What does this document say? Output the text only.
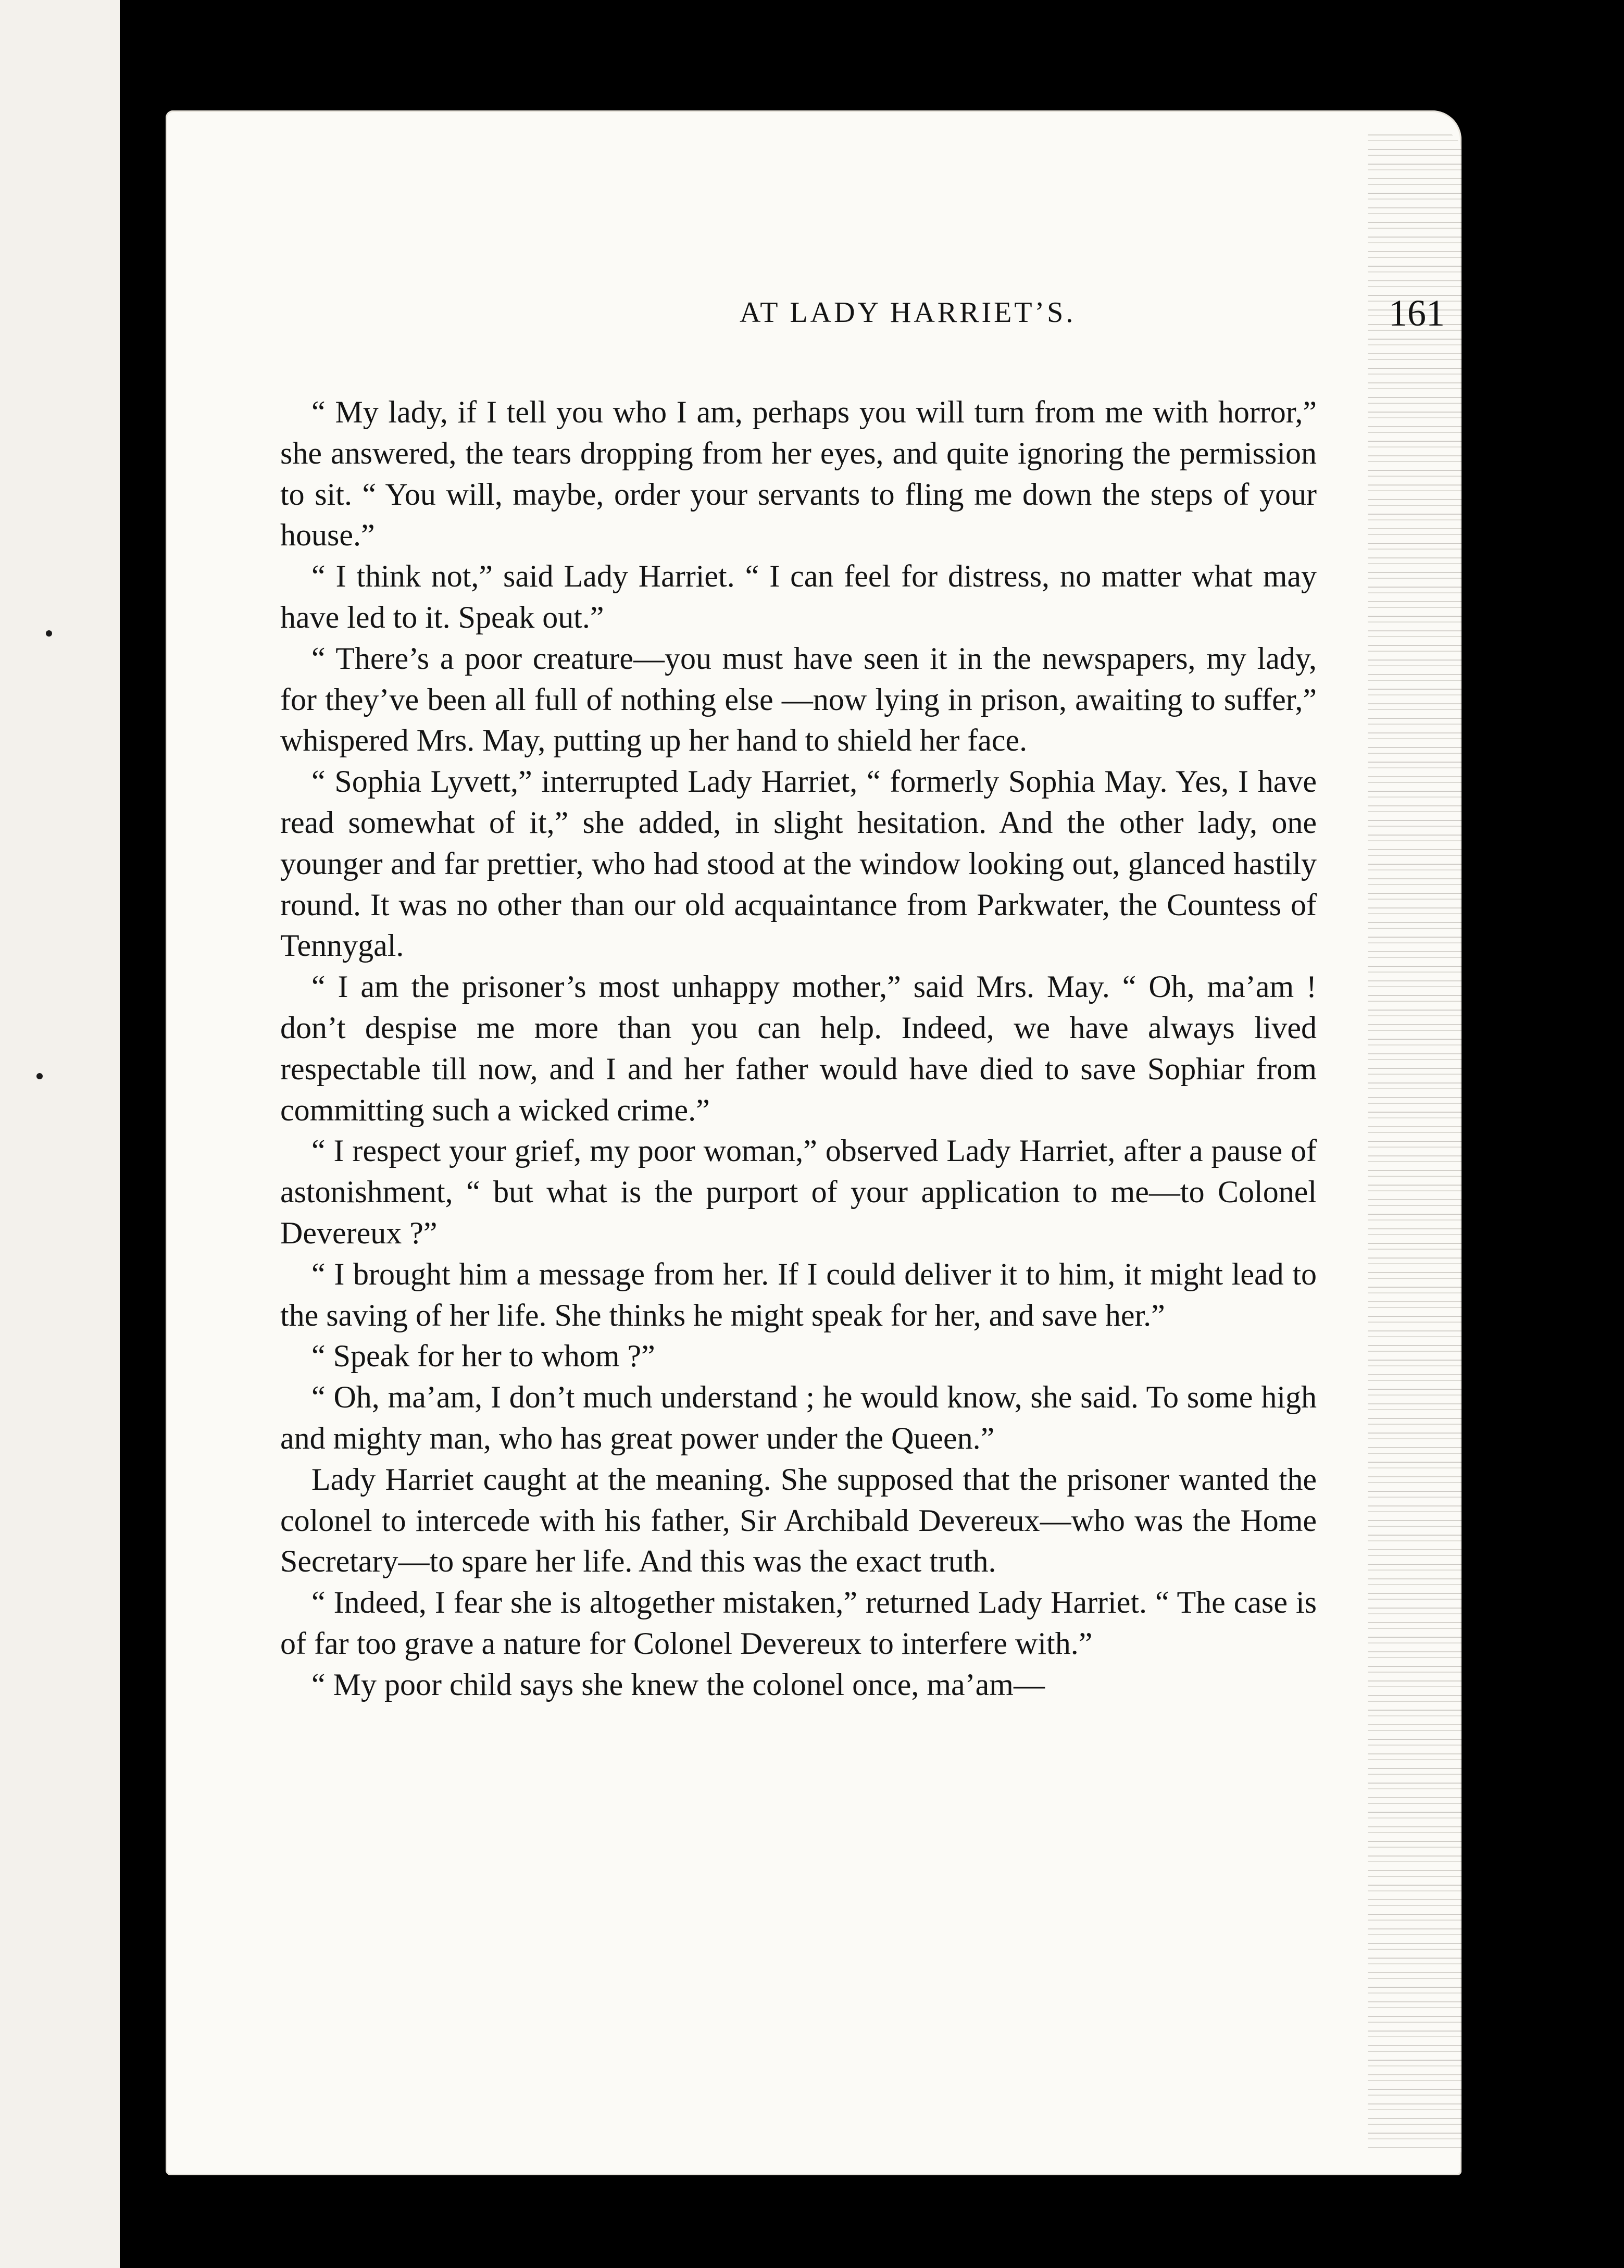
AT LADY HARRIET’S.	161

“ My lady, if I tell you who I am, perhaps you will turn from me with horror,” she answered, the tears dropping from her eyes, and quite ignoring the permission to sit. “ You will, maybe, order your servants to fling me down the steps of your house.”

“ I think not,” said Lady Harriet. “ I can feel for distress, no matter what may have led to it. Speak out.”

“ There’s a poor creature—you must have seen it in the newspapers, my lady, for they’ve been all full of nothing else —now lying in prison, awaiting to suffer,” whispered Mrs. May, putting up her hand to shield her face.

“ Sophia Lyvett,” interrupted Lady Harriet, “ formerly Sophia May. Yes, I have read somewhat of it,” she added, in slight hesitation. And the other lady, one younger and far prettier, who had stood at the window looking out, glanced hastily round. It was no other than our old acquaintance from Parkwater, the Countess of Tennygal.

“ I am the prisoner’s most unhappy mother,” said Mrs. May. “ Oh, ma’am ! don’t despise me more than you can help. Indeed, we have always lived respectable till now, and I and her father would have died to save Sophiar from committing such a wicked crime.”

“ I respect your grief, my poor woman,” observed Lady Harriet, after a pause of astonishment, “ but what is the purport of your application to me—to Colonel Devereux ?”

“ I brought him a message from her. If I could deliver it to him, it might lead to the saving of her life. She thinks he might speak for her, and save her.”

“ Speak for her to whom ?”

“ Oh, ma’am, I don’t much understand ; he would know, she said. To some high and mighty man, who has great power under the Queen.”

Lady Harriet caught at the meaning. She supposed that the prisoner wanted the colonel to intercede with his father, Sir Archibald Devereux—who was the Home Secretary—to spare her life. And this was the exact truth.

“ Indeed, I fear she is altogether mistaken,” returned Lady Harriet. “ The case is of far too grave a nature for Colonel Devereux to interfere with.”

“ My poor child says she knew the colonel once, ma’am—
